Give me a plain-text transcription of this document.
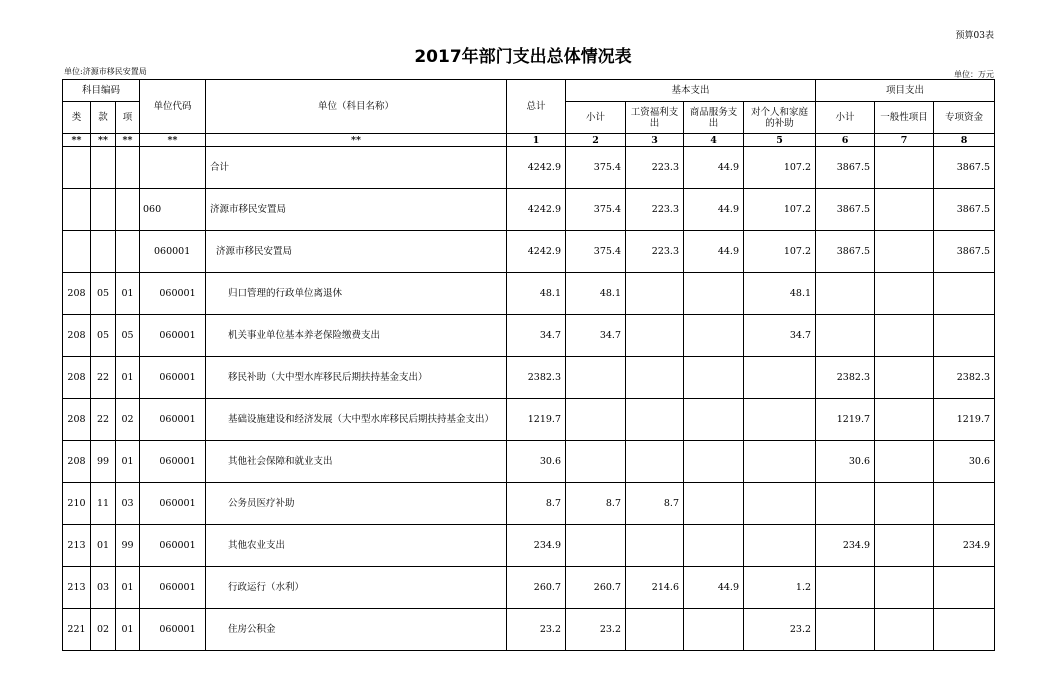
预算03表
2017年部门支出总体情况表
单位:济源市移民安置局	单位：万元
科目编码			单位代码	单位（科目名称）	总计	基本支出				项目支出		
类	款	项				小计	工资福利支出	商品服务支出	对个人和家庭的补助	小计	一般性项目	专项资金
**	**	**	**	**	1	2	3	4	5	6	7	8
				合计	4242.9	375.4	223.3	44.9	107.2	3867.5		3867.5
			060	济源市移民安置局	4242.9	375.4	223.3	44.9	107.2	3867.5		3867.5
			060001	济源市移民安置局	4242.9	375.4	223.3	44.9	107.2	3867.5		3867.5
208	05	01	060001	归口管理的行政单位离退休	48.1	48.1			48.1			
208	05	05	060001	机关事业单位基本养老保险缴费支出	34.7	34.7			34.7			
208	22	01	060001	移民补助（大中型水库移民后期扶持基金支出）	2382.3					2382.3		2382.3
208	22	02	060001	基础设施建设和经济发展（大中型水库移民后期扶持基金支出）	1219.7					1219.7		1219.7
208	99	01	060001	其他社会保障和就业支出	30.6					30.6		30.6
210	11	03	060001	公务员医疗补助	8.7	8.7	8.7					
213	01	99	060001	其他农业支出	234.9					234.9		234.9
213	03	01	060001	行政运行（水利）	260.7	260.7	214.6	44.9	1.2			
221	02	01	060001	住房公积金	23.2	23.2			23.2			
